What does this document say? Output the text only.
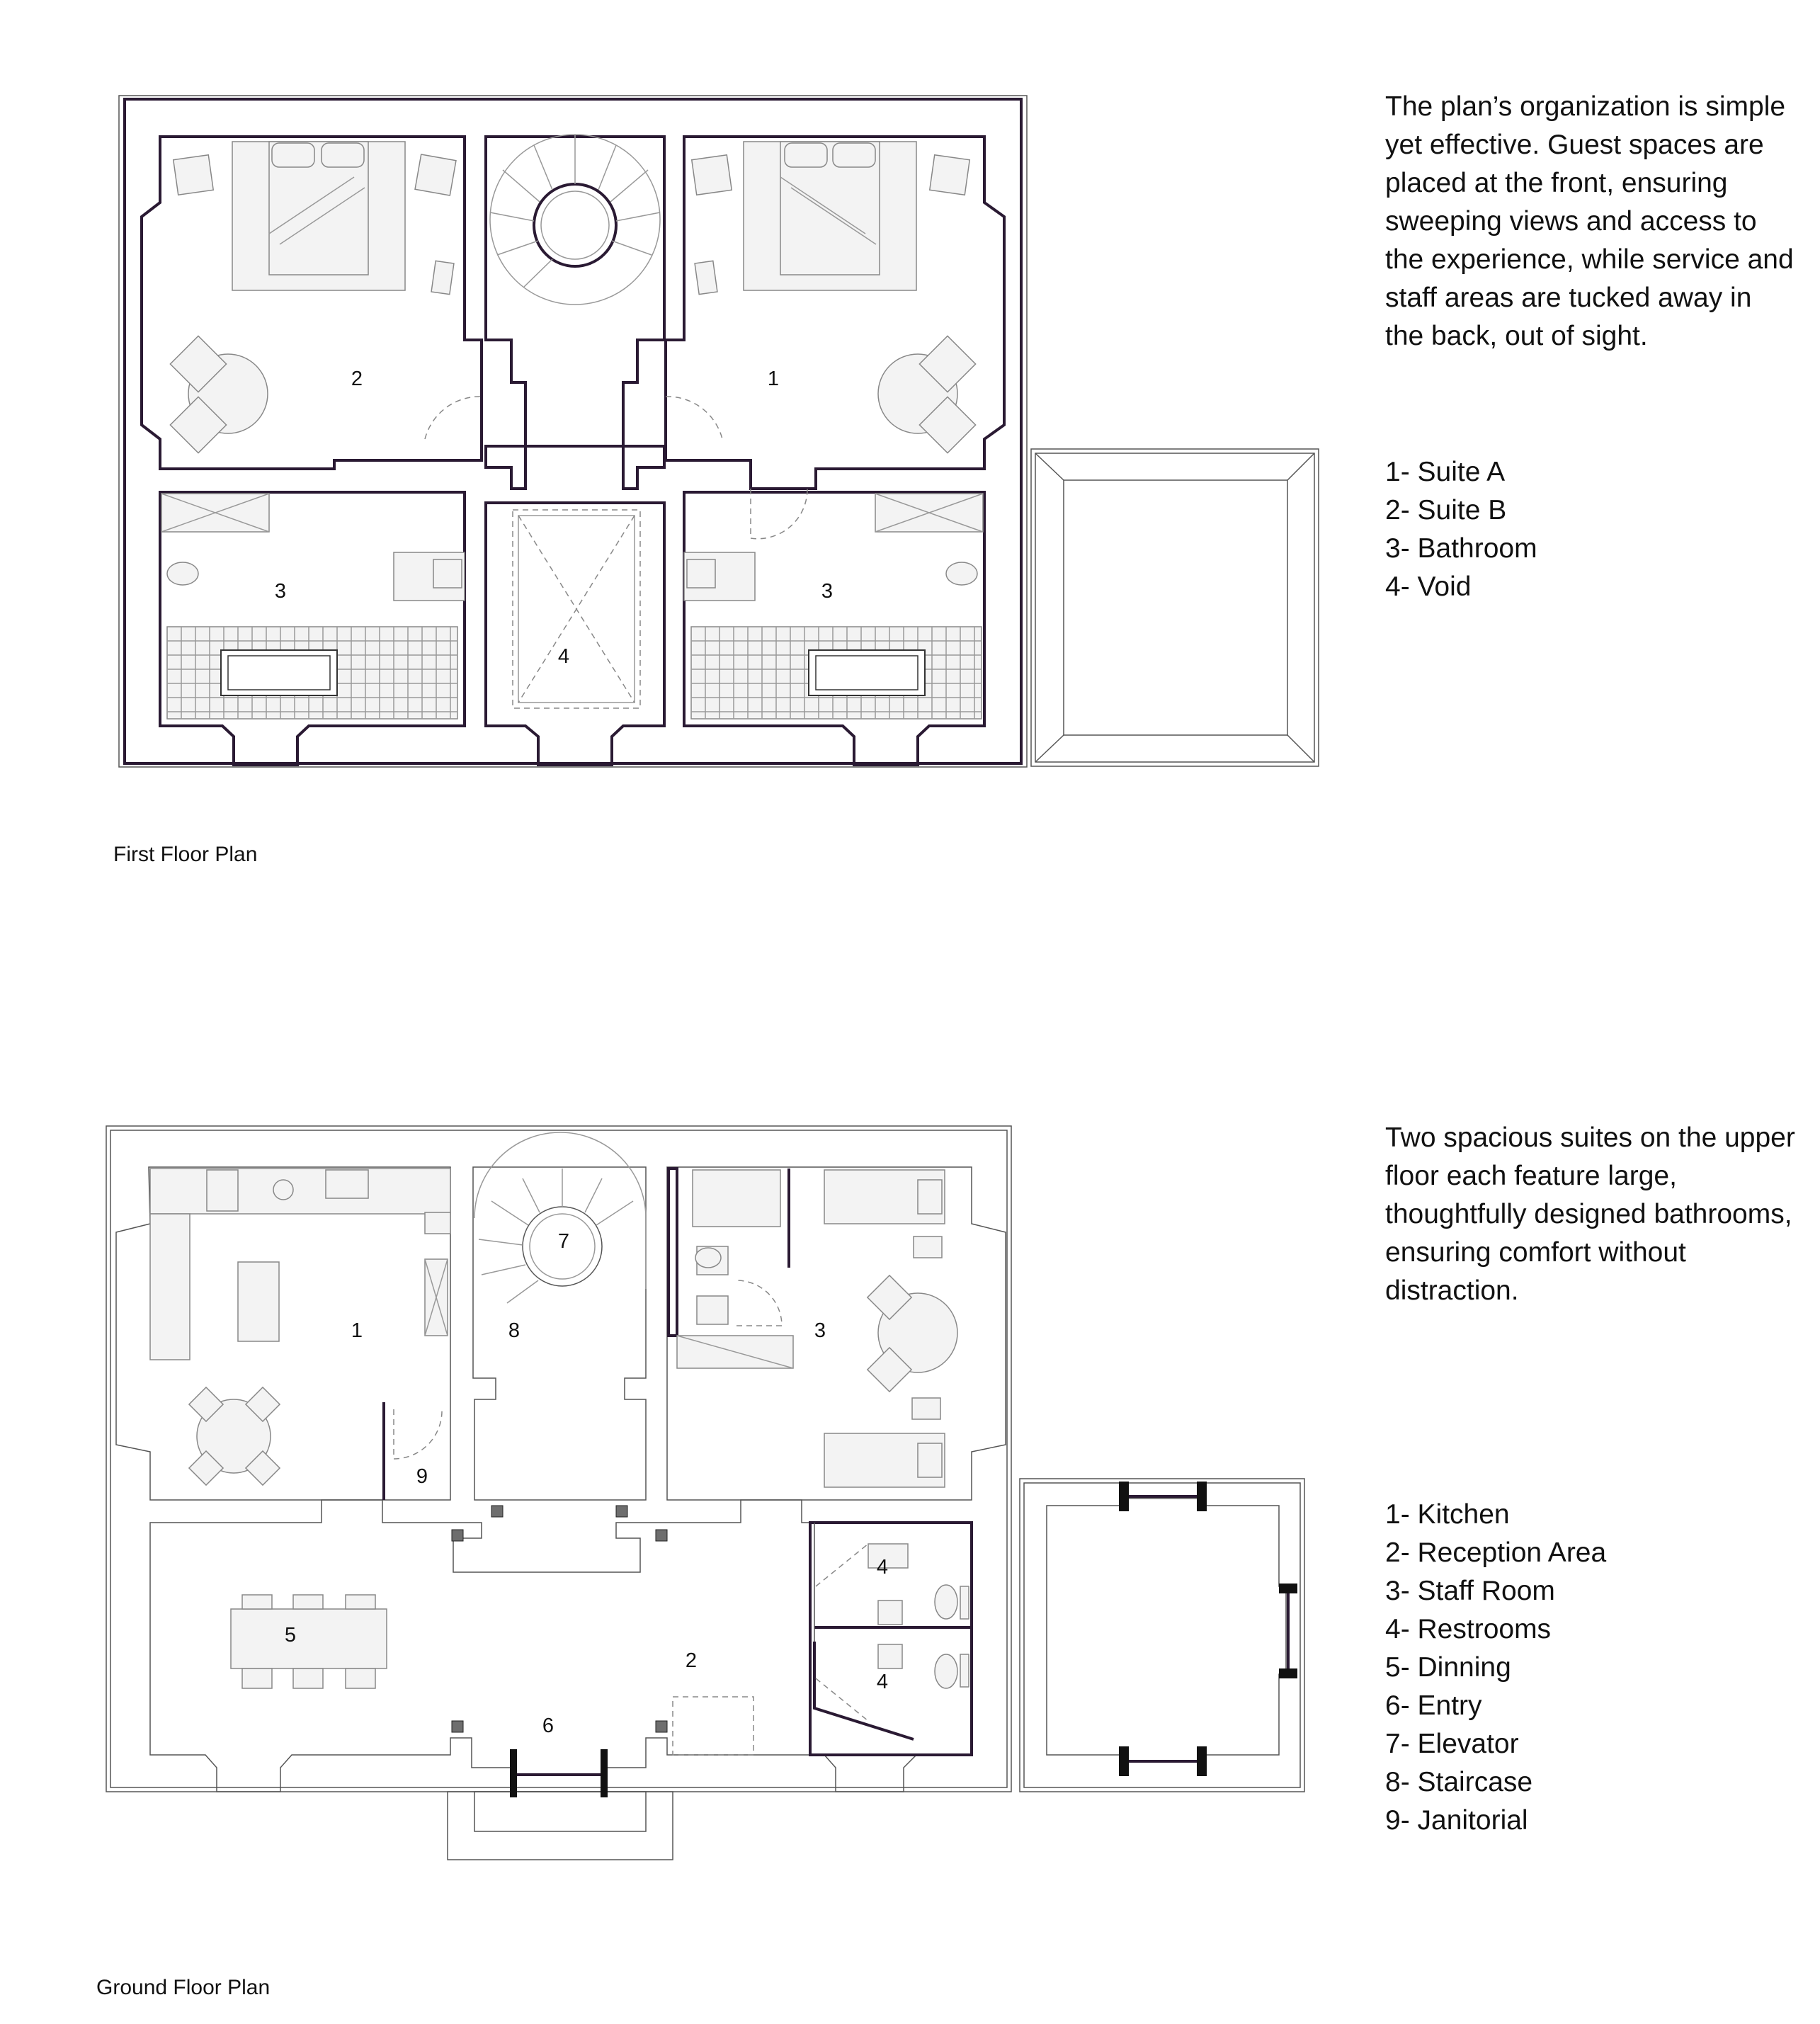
2	1
3	3
4
First Floor Plan

The plan’s organization is simple yet effective. Guest spaces are placed at the front, ensuring sweeping views and access to the experience, while service and staff areas are tucked away in the back, out of sight.

1- Suite A
2- Suite B
3- Bathroom
4- Void
1
7
8	3
9
4
4
5
2
6
Ground Floor Plan

Two spacious suites on the upper floor each feature large, thoughtfully designed bathrooms, ensuring comfort without distraction.

1- Kitchen
2- Reception Area
3- Staff Room
4- Restrooms
5- Dinning
6- Entry
7- Elevator
8- Staircase
9- Janitorial
